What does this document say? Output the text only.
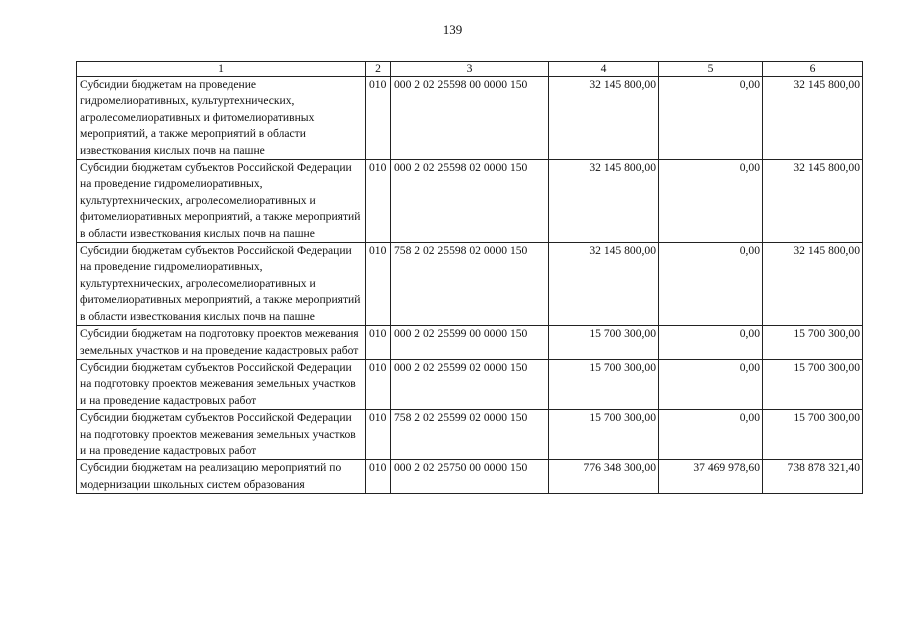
139
1	2	3	4	5	6
Субсидии бюджетам на проведение гидромелиоративных, культуртехнических, агролесомелиоративных и фитомелиоративных мероприятий, а также мероприятий в области известкования кислых почв на пашне	010	000 2 02 25598 00 0000 150	32 145 800,00	0,00	32 145 800,00
Субсидии бюджетам субъектов Российской Федерации на проведение гидромелиоративных, культуртехнических, агролесомелиоративных и фитомелиоративных мероприятий, а также мероприятий в области известкования кислых почв на пашне	010	000 2 02 25598 02 0000 150	32 145 800,00	0,00	32 145 800,00
Субсидии бюджетам субъектов Российской Федерации на проведение гидромелиоративных, культуртехнических, агролесомелиоративных и фитомелиоративных мероприятий, а также мероприятий в области известкования кислых почв на пашне	010	758 2 02 25598 02 0000 150	32 145 800,00	0,00	32 145 800,00
Субсидии бюджетам на подготовку проектов межевания земельных участков и на проведение кадастровых работ	010	000 2 02 25599 00 0000 150	15 700 300,00	0,00	15 700 300,00
Субсидии бюджетам субъектов Российской Федерации на подготовку проектов межевания земельных участков и на проведение кадастровых работ	010	000 2 02 25599 02 0000 150	15 700 300,00	0,00	15 700 300,00
Субсидии бюджетам субъектов Российской Федерации на подготовку проектов межевания земельных участков и на проведение кадастровых работ	010	758 2 02 25599 02 0000 150	15 700 300,00	0,00	15 700 300,00
Субсидии бюджетам на реализацию мероприятий по модернизации школьных систем образования	010	000 2 02 25750 00 0000 150	776 348 300,00	37 469 978,60	738 878 321,40
